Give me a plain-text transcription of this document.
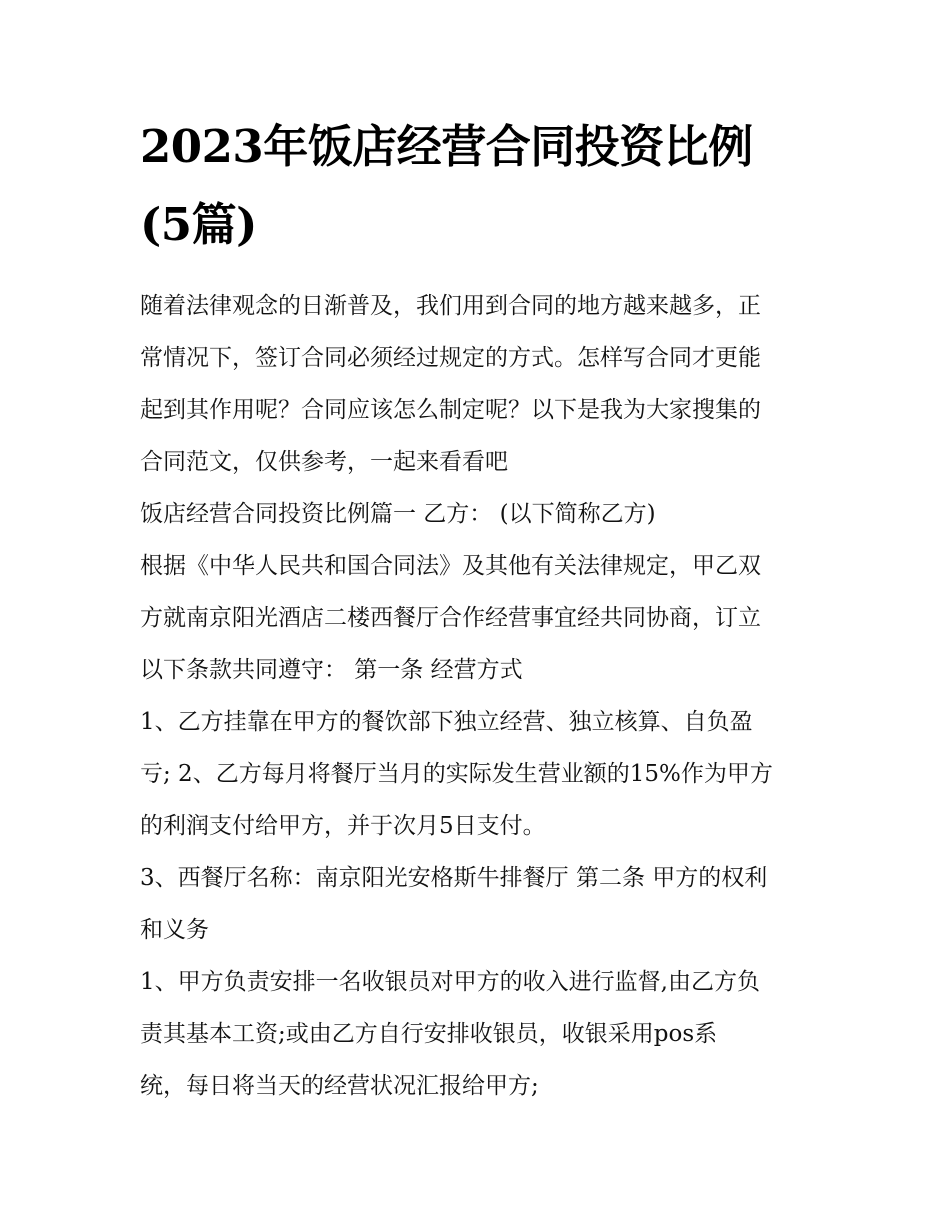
2023年饭店经营合同投资比例
(5篇)

随着法律观念的日渐普及，我们用到合同的地方越来越多，正
常情况下，签订合同必须经过规定的方式。怎样写合同才更能
起到其作用呢？合同应该怎么制定呢？以下是我为大家搜集的
合同范文，仅供参考，一起来看看吧

饭店经营合同投资比例篇一 乙方： (以下简称乙方)

根据《中华人民共和国合同法》及其他有关法律规定，甲乙双
方就南京阳光酒店二楼西餐厅合作经营事宜经共同协商，订立
以下条款共同遵守： 第一条 经营方式

1、乙方挂靠在甲方的餐饮部下独立经营、独立核算、自负盈
亏; 2、乙方每月将餐厅当月的实际发生营业额的15%作为甲方
的利润支付给甲方，并于次月5日支付。

3、西餐厅名称：南京阳光安格斯牛排餐厅 第二条 甲方的权利
和义务

1、甲方负责安排一名收银员对甲方的收入进行监督,由乙方负
责其基本工资;或由乙方自行安排收银员，收银采用pos系
统，每日将当天的经营状况汇报给甲方;
